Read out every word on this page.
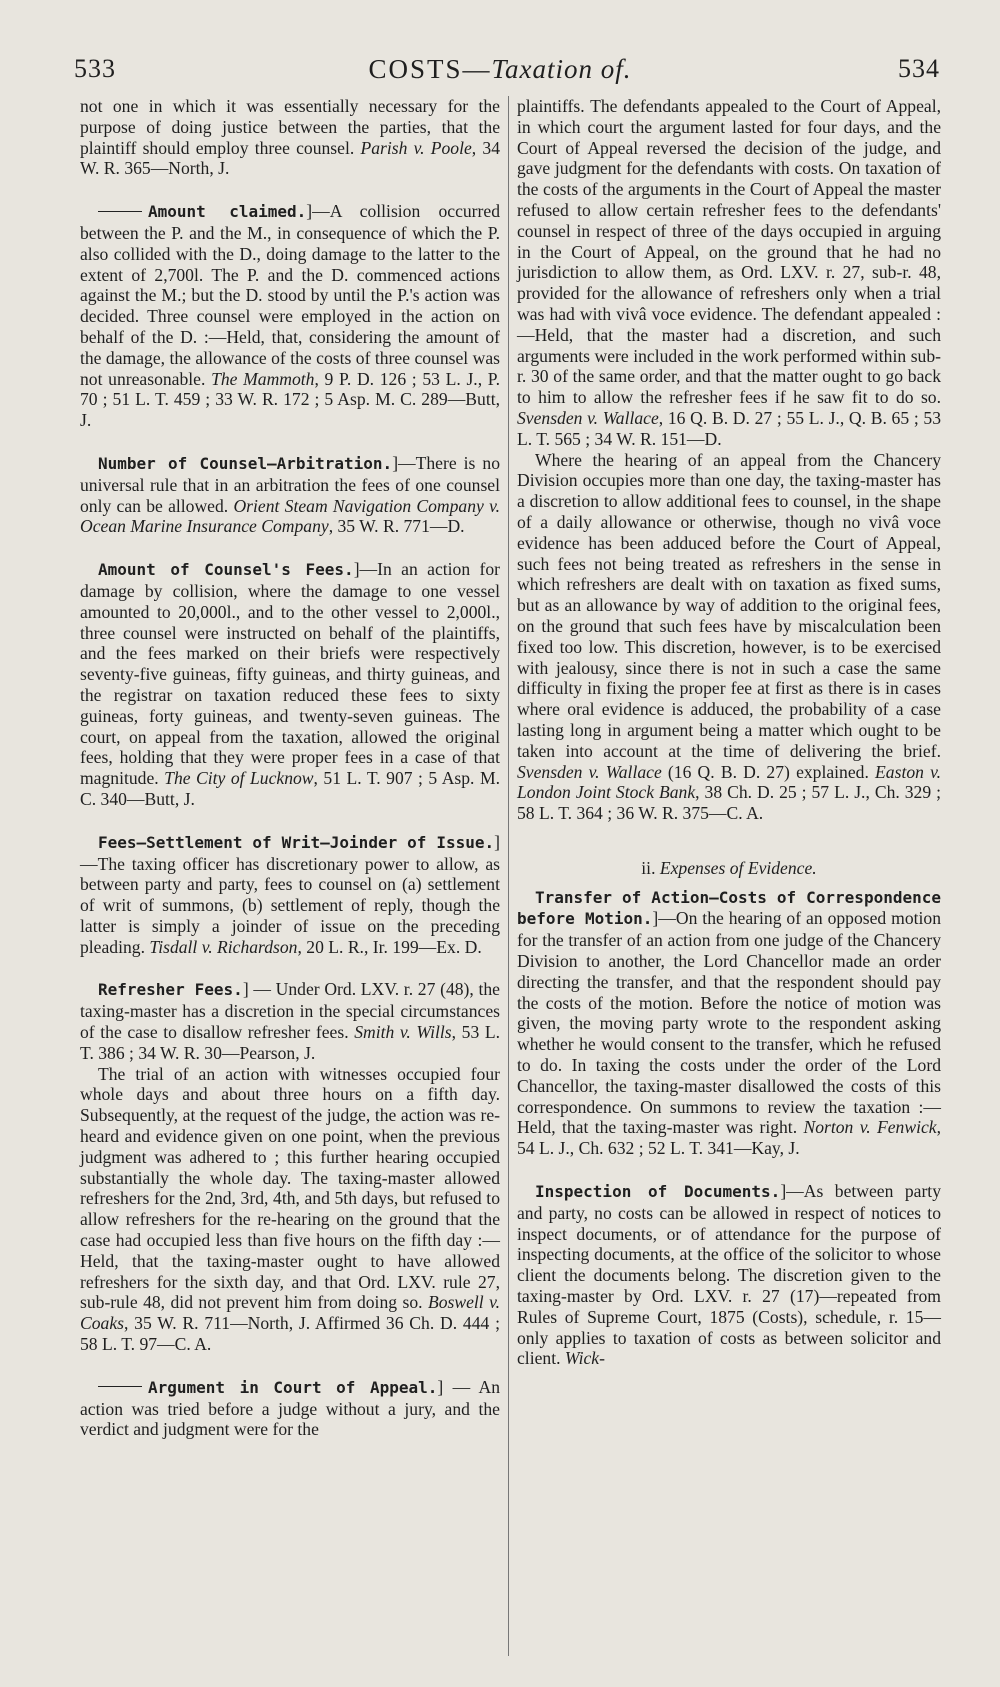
533	COSTS—Taxation of.	534

not one in which it was essentially necessary for the purpose of doing justice between the parties, that the plaintiff should employ three counsel. Parish v. Poole, 34 W. R. 365—North, J.

Amount claimed.]—A collision occurred between the P. and the M., in consequence of which the P. also collided with the D., doing damage to the latter to the extent of 2,700l. The P. and the D. commenced actions against the M.; but the D. stood by until the P.'s action was decided. Three counsel were employed in the action on behalf of the D. :—Held, that, considering the amount of the damage, the allowance of the costs of three counsel was not unreasonable. The Mammoth, 9 P. D. 126 ; 53 L. J., P. 70 ; 51 L. T. 459 ; 33 W. R. 172 ; 5 Asp. M. C. 289—Butt, J.

Number of Counsel—Arbitration.]—There is no universal rule that in an arbitration the fees of one counsel only can be allowed. Orient Steam Navigation Company v. Ocean Marine Insurance Company, 35 W. R. 771—D.

Amount of Counsel's Fees.]—In an action for damage by collision, where the damage to one vessel amounted to 20,000l., and to the other vessel to 2,000l., three counsel were instructed on behalf of the plaintiffs, and the fees marked on their briefs were respectively seventy-five guineas, fifty guineas, and thirty guineas, and the registrar on taxation reduced these fees to sixty guineas, forty guineas, and twenty-seven guineas. The court, on appeal from the taxation, allowed the original fees, holding that they were proper fees in a case of that magnitude. The City of Lucknow, 51 L. T. 907 ; 5 Asp. M. C. 340—Butt, J.

Fees—Settlement of Writ—Joinder of Issue.] —The taxing officer has discretionary power to allow, as between party and party, fees to counsel on (a) settlement of writ of summons, (b) settlement of reply, though the latter is simply a joinder of issue on the preceding pleading. Tisdall v. Richardson, 20 L. R., Ir. 199—Ex. D.

Refresher Fees.] — Under Ord. LXV. r. 27 (48), the taxing-master has a discretion in the special circumstances of the case to disallow refresher fees. Smith v. Wills, 53 L. T. 386 ; 34 W. R. 30—Pearson, J.

The trial of an action with witnesses occupied four whole days and about three hours on a fifth day. Subsequently, at the request of the judge, the action was re-heard and evidence given on one point, when the previous judgment was adhered to ; this further hearing occupied substantially the whole day. The taxing-master allowed refreshers for the 2nd, 3rd, 4th, and 5th days, but refused to allow refreshers for the re-hearing on the ground that the case had occupied less than five hours on the fifth day :—Held, that the taxing-master ought to have allowed refreshers for the sixth day, and that Ord. LXV. rule 27, sub-rule 48, did not prevent him from doing so. Boswell v. Coaks, 35 W. R. 711—North, J. Affirmed 36 Ch. D. 444 ; 58 L. T. 97—C. A.

Argument in Court of Appeal.] — An action was tried before a judge without a jury, and the verdict and judgment were for the

plaintiffs. The defendants appealed to the Court of Appeal, in which court the argument lasted for four days, and the Court of Appeal reversed the decision of the judge, and gave judgment for the defendants with costs. On taxation of the costs of the arguments in the Court of Appeal the master refused to allow certain refresher fees to the defendants' counsel in respect of three of the days occupied in arguing in the Court of Appeal, on the ground that he had no jurisdiction to allow them, as Ord. LXV. r. 27, sub-r. 48, provided for the allowance of refreshers only when a trial was had with vivâ voce evidence. The defendant appealed :—Held, that the master had a discretion, and such arguments were included in the work performed within sub-r. 30 of the same order, and that the matter ought to go back to him to allow the refresher fees if he saw fit to do so. Svensden v. Wallace, 16 Q. B. D. 27 ; 55 L. J., Q. B. 65 ; 53 L. T. 565 ; 34 W. R. 151—D.

Where the hearing of an appeal from the Chancery Division occupies more than one day, the taxing-master has a discretion to allow additional fees to counsel, in the shape of a daily allowance or otherwise, though no vivâ voce evidence has been adduced before the Court of Appeal, such fees not being treated as refreshers in the sense in which refreshers are dealt with on taxation as fixed sums, but as an allowance by way of addition to the original fees, on the ground that such fees have by miscalculation been fixed too low. This discretion, however, is to be exercised with jealousy, since there is not in such a case the same difficulty in fixing the proper fee at first as there is in cases where oral evidence is adduced, the probability of a case lasting long in argument being a matter which ought to be taken into account at the time of delivering the brief. Svensden v. Wallace (16 Q. B. D. 27) explained. Easton v. London Joint Stock Bank, 38 Ch. D. 25 ; 57 L. J., Ch. 329 ; 58 L. T. 364 ; 36 W. R. 375—C. A.

ii. Expenses of Evidence.

Transfer of Action—Costs of Correspondence before Motion.]—On the hearing of an opposed motion for the transfer of an action from one judge of the Chancery Division to another, the Lord Chancellor made an order directing the transfer, and that the respondent should pay the costs of the motion. Before the notice of motion was given, the moving party wrote to the respondent asking whether he would consent to the transfer, which he refused to do. In taxing the costs under the order of the Lord Chancellor, the taxing-master disallowed the costs of this correspondence. On summons to review the taxation :—Held, that the taxing-master was right. Norton v. Fenwick, 54 L. J., Ch. 632 ; 52 L. T. 341—Kay, J.

Inspection of Documents.]—As between party and party, no costs can be allowed in respect of notices to inspect documents, or of attendance for the purpose of inspecting documents, at the office of the solicitor to whose client the documents belong. The discretion given to the taxing-master by Ord. LXV. r. 27 (17)—repeated from Rules of Supreme Court, 1875 (Costs), schedule, r. 15—only applies to taxation of costs as between solicitor and client. Wick-
